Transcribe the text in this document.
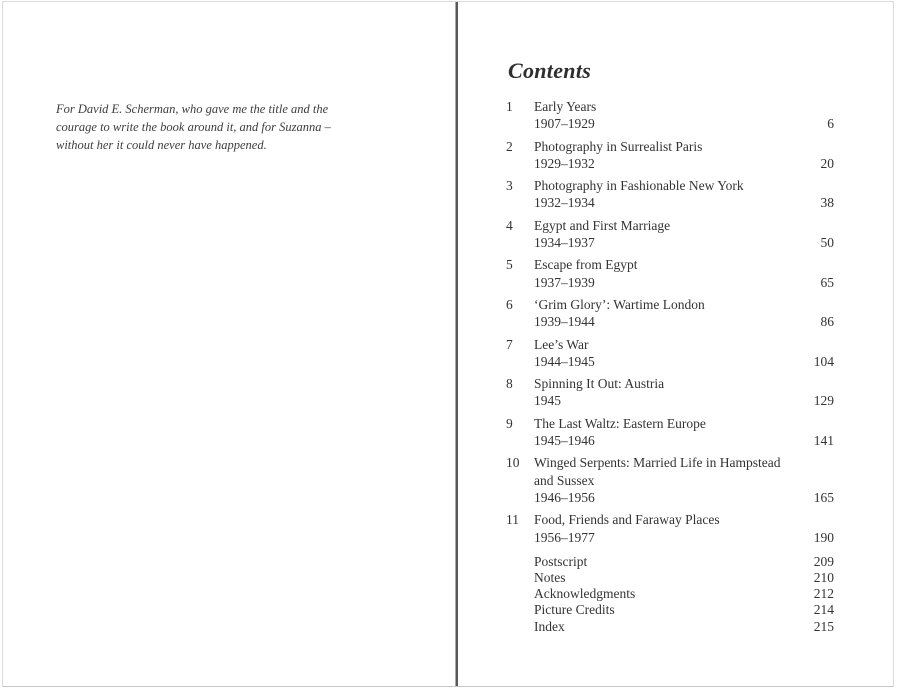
For David E. Scherman, who gave me the title and the
courage to write the book around it, and for Suzanna –
without her it could never have happened.
Contents
1	Early Years
1907–1929	6
2	Photography in Surrealist Paris
1929–1932	20
3	Photography in Fashionable New York
1932–1934	38
4	Egypt and First Marriage
1934–1937	50
5	Escape from Egypt
1937–1939	65
6	‘Grim Glory’: Wartime London
1939–1944	86
7	Lee’s War
1944–1945	104
8	Spinning It Out: Austria
1945	129
9	The Last Waltz: Eastern Europe
1945–1946	141
10	Winged Serpents: Married Life in Hampstead
and Sussex
1946–1956	165
11	Food, Friends and Faraway Places
1956–1977	190
Postscript	209
Notes	210
Acknowledgments	212
Picture Credits	214
Index	215
